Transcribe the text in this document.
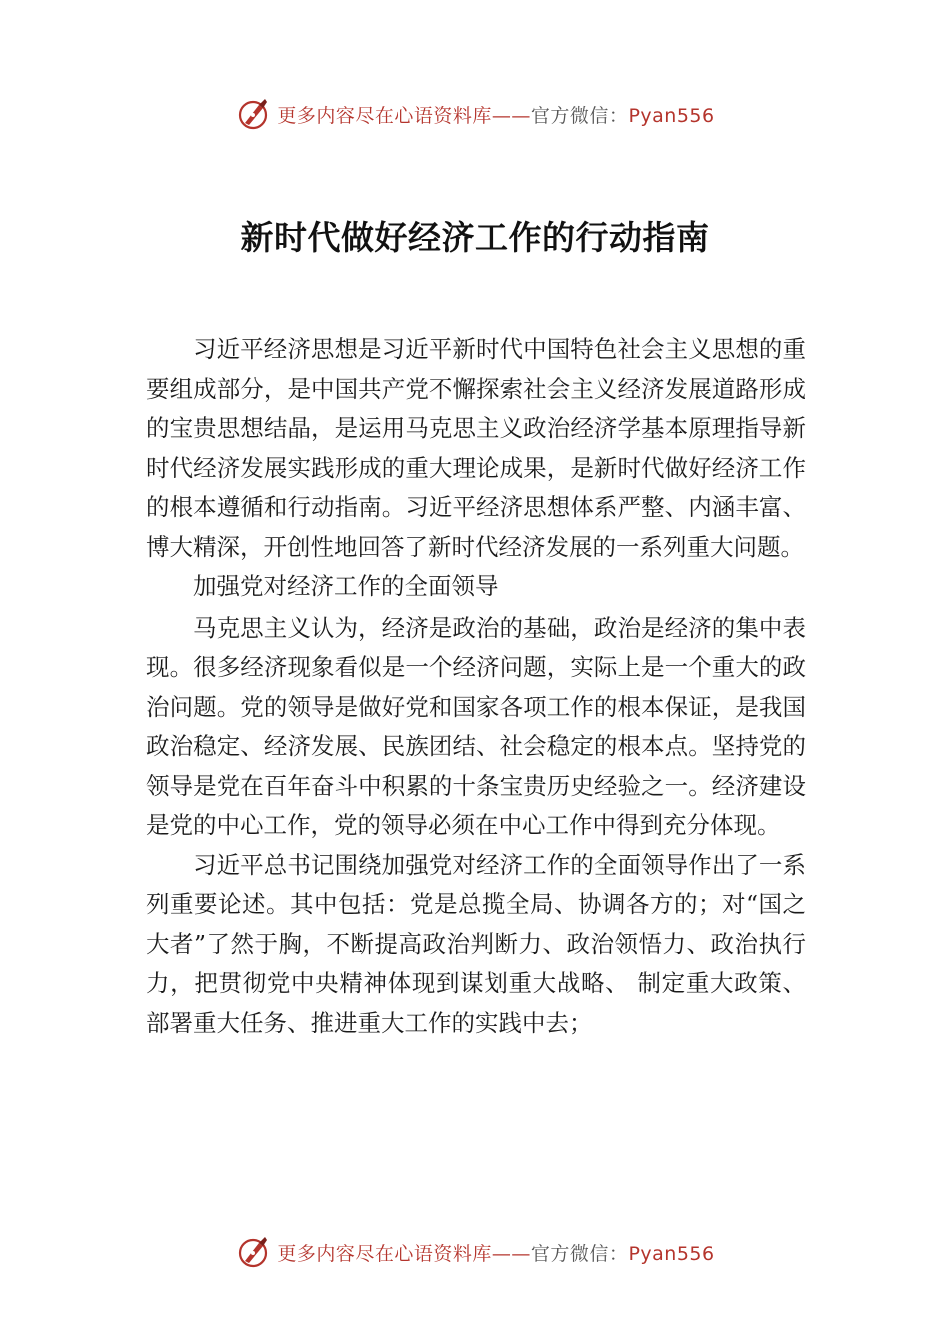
更多内容尽在心语资料库——官方微信：Pyan556
新时代做好经济工作的行动指南

习近平经济思想是习近平新时代中国特色社会主义思想的重要组成部分，是中国共产党不懈探索社会主义经济发展道路形成的宝贵思想结晶，是运用马克思主义政治经济学基本原理指导新时代经济发展实践形成的重大理论成果，是新时代做好经济工作的根本遵循和行动指南。习近平经济思想体系严整、内涵丰富、博大精深，开创性地回答了新时代经济发展的一系列重大问题。

加强党对经济工作的全面领导

马克思主义认为，经济是政治的基础，政治是经济的集中表现。很多经济现象看似是一个经济问题，实际上是一个重大的政治问题。党的领导是做好党和国家各项工作的根本保证，是我国政治稳定、经济发展、民族团结、社会稳定的根本点。坚持党的领导是党在百年奋斗中积累的十条宝贵历史经验之一。经济建设是党的中心工作，党的领导必须在中心工作中得到充分体现。

习近平总书记围绕加强党对经济工作的全面领导作出了一系列重要论述。其中包括：党是总揽全局、协调各方的；对“国之大者”了然于胸，不断提高政治判断力、政治领悟力、政治执行力，把贯彻党中央精神体现到谋划重大战略、 制定重大政策、部署重大任务、推进重大工作的实践中去；

更多内容尽在心语资料库——官方微信：Pyan556
